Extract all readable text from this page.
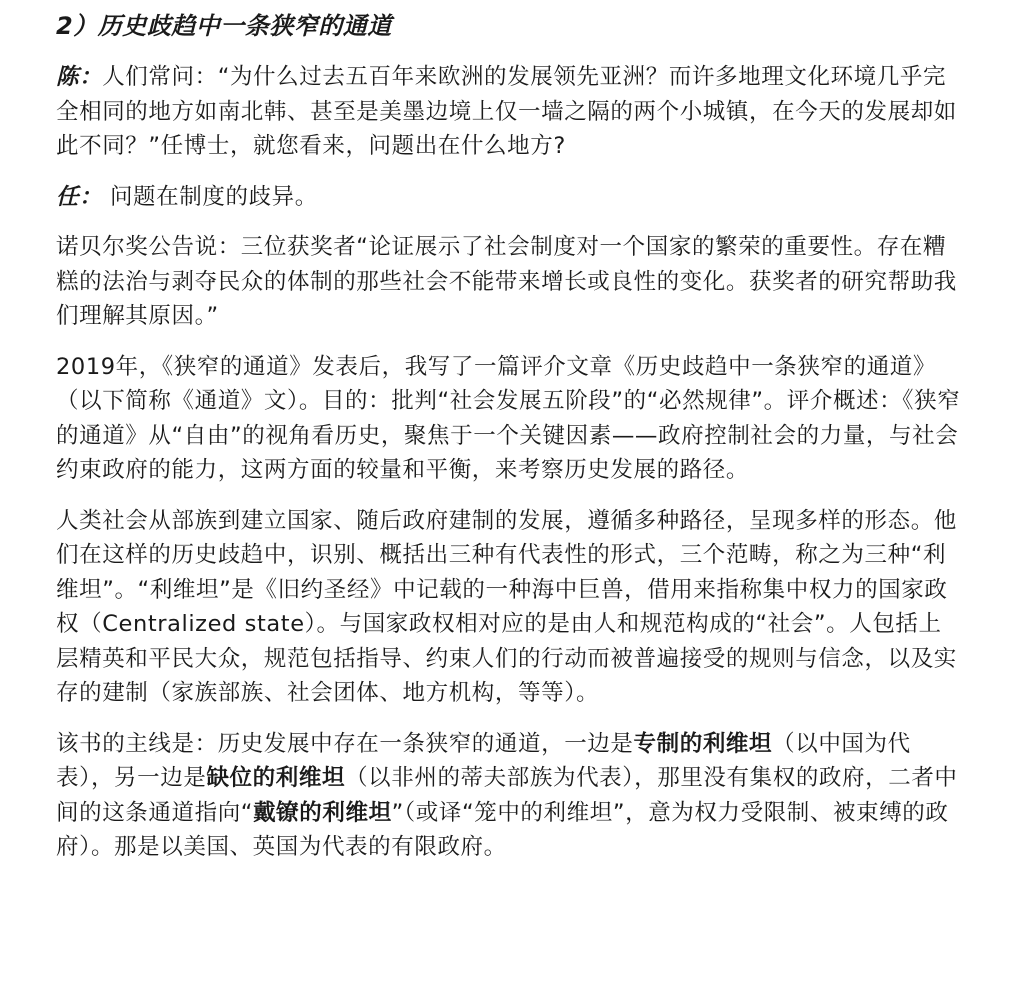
2）历史歧趋中一条狭窄的通道

陈：人们常问：“为什么过去五百年来欧洲的发展领先亚洲？而许多地理文化环境几乎完全相同的地方如南北韩、甚至是美墨边境上仅一墙之隔的两个小城镇，在今天的发展却如此不同？”任博士，就您看来，问题出在什么地方?

任： 问题在制度的歧异。

诺贝尔奖公告说：三位获奖者“论证展示了社会制度对一个国家的繁荣的重要性。存在糟糕的法治与剥夺民众的体制的那些社会不能带来增长或良性的变化。获奖者的研究帮助我们理解其原因。”

2019年，《狭窄的通道》发表后，我写了一篇评介文章《历史歧趋中一条狭窄的通道》（以下简称《通道》文）。目的：批判“社会发展五阶段”的“必然规律”。评介概述：《狭窄的通道》从“自由”的视角看历史，聚焦于一个关键因素——政府控制社会的力量，与社会约束政府的能力，这两方面的较量和平衡，来考察历史发展的路径。

人类社会从部族到建立国家、随后政府建制的发展，遵循多种路径，呈现多样的形态。他们在这样的历史歧趋中，识别、概括出三种有代表性的形式，三个范畴，称之为三种“利维坦”。“利维坦”是《旧约圣经》中记载的一种海中巨兽，借用来指称集中权力的国家政权（Centralized state）。与国家政权相对应的是由人和规范构成的“社会”。人包括上层精英和平民大众，规范包括指导、约束人们的行动而被普遍接受的规则与信念，以及实存的建制（家族部族、社会团体、地方机构，等等）。

该书的主线是：历史发展中存在一条狭窄的通道，一边是专制的利维坦（以中国为代表），另一边是缺位的利维坦（以非州的蒂夫部族为代表），那里没有集权的政府，二者中间的这条通道指向“戴镣的利维坦”（或译“笼中的利维坦”，意为权力受限制、被束缚的政府）。那是以美国、英国为代表的有限政府。
